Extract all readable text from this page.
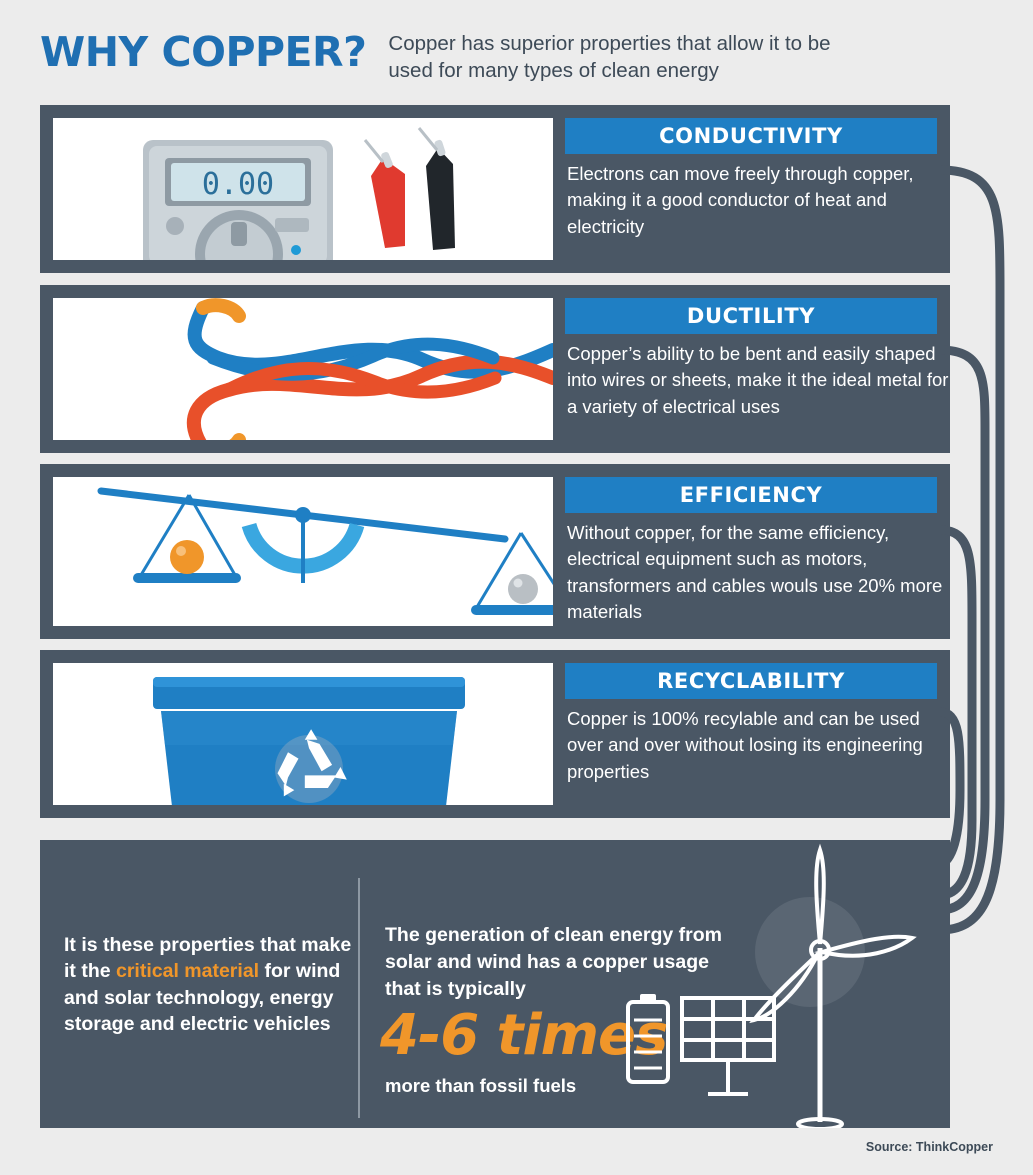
WHY COPPER? Copper has superior properties that allow it to be used for many types of clean energy
0.00
CONDUCTIVITY
Electrons can move freely through copper, making it a good conductor of heat and electricity
DUCTILITY
Copper’s ability to be bent and easily shaped into wires or sheets, make it the ideal metal for a variety of electrical uses
EFFICIENCY
Without copper, for the same efficiency, electrical equipment such as motors, transformers and cables wouls use 20% more materials
RECYCLABILITY
Copper is 100% recylable and can be used over and over without losing its engineering properties
It is these properties that make it the critical material for wind and solar technology, energy storage and electric vehicles
The generation of clean energy from solar and wind has a copper usage that is typically
4-6 times
more than fossil fuels
Source: ThinkCopper
